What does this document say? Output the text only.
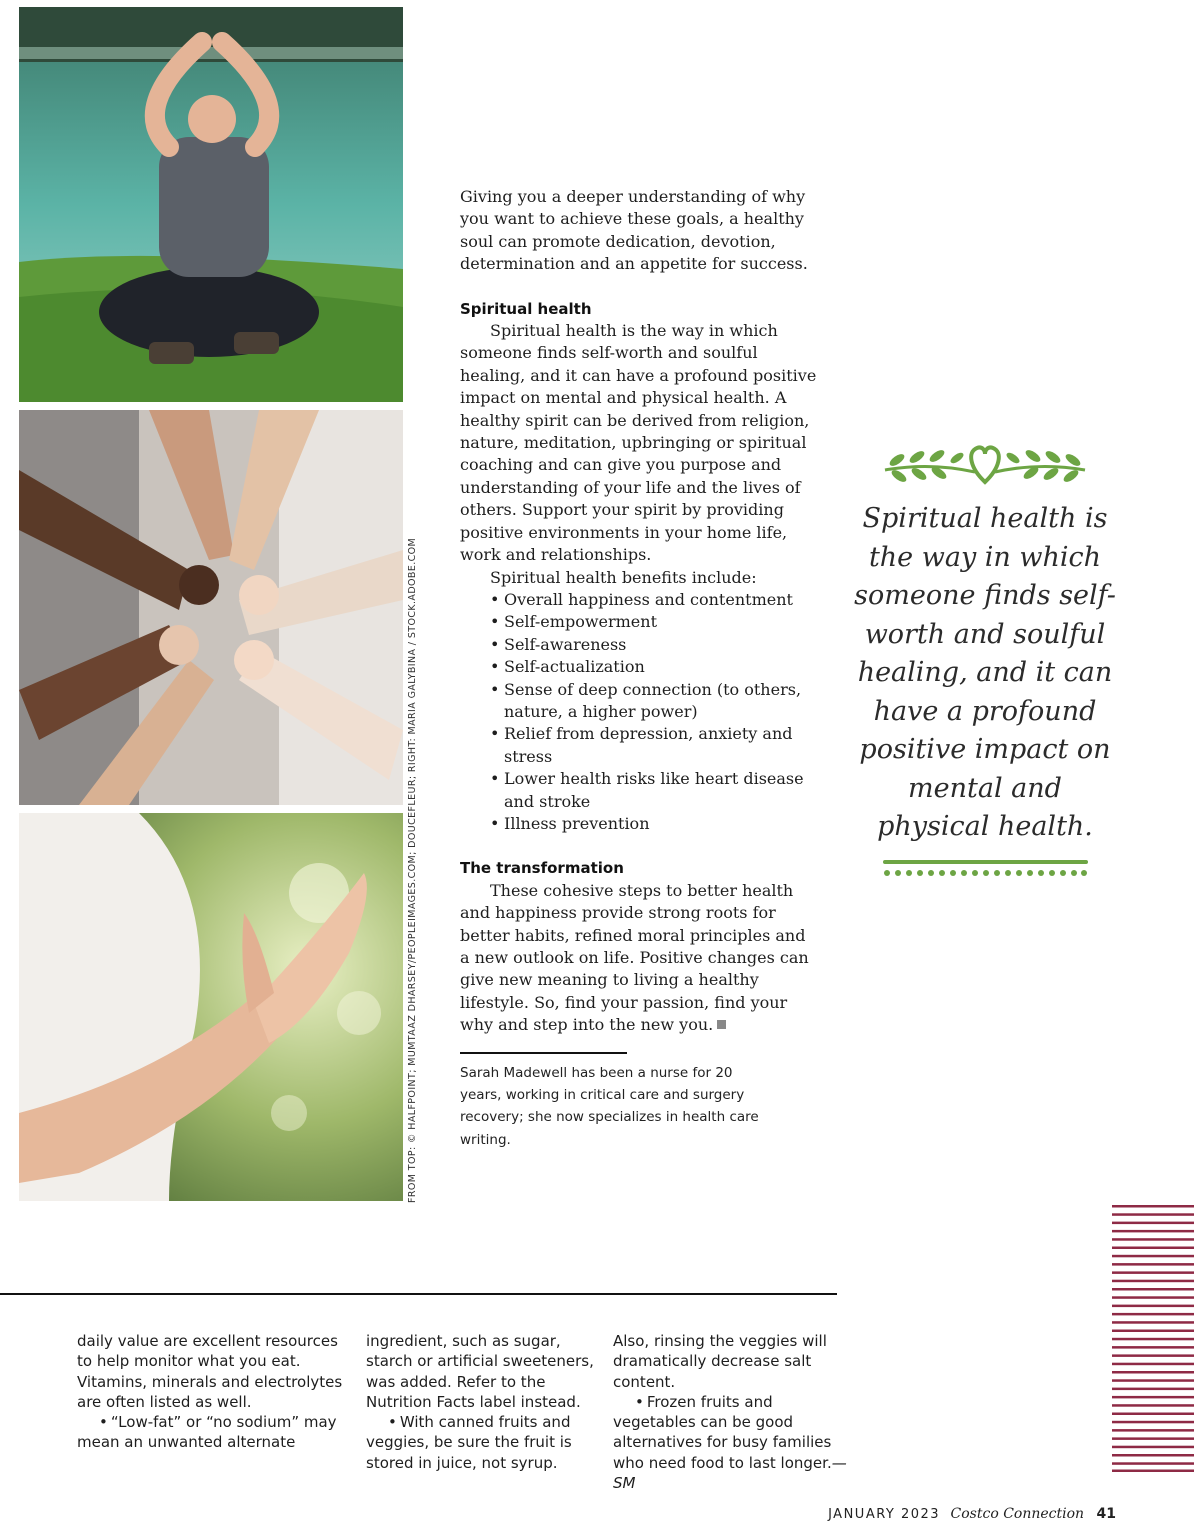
FROM TOP: © HALFPOINT; MUMTAAZ DHARSEY/PEOPLEIMAGES.COM; DOUCEFLEUR; RIGHT: MARIA GALYBINA / STOCK.ADOBE.COM

Giving you a deeper understanding of why you want to achieve these goals, a healthy soul can promote dedication, devotion, determination and an appetite for success.

Spiritual health

Spiritual health is the way in which someone finds self-worth and soulful healing, and it can have a profound positive impact on mental and physical health. A healthy spirit can be derived from religion, nature, meditation, upbringing or spiritual coaching and can give you purpose and understanding of your life and the lives of others. Support your spirit by providing positive environments in your home life, work and relationships.

Spiritual health benefits include:

• Overall happiness and contentment
• Self-empowerment
• Self-awareness
• Self-actualization
• Sense of deep connection (to others, nature, a higher power)
• Relief from depression, anxiety and stress
• Lower health risks like heart disease and stroke
• Illness prevention

The transformation

These cohesive steps to better health and happiness provide strong roots for better habits, refined moral principles and a new outlook on life. Positive changes can give new meaning to living a healthy lifestyle. So, find your passion, find your why and step into the new you.

Sarah Madewell has been a nurse for 20 years, working in critical care and surgery recovery; she now specializes in health care writing.

Spiritual health is the way in which someone finds self-worth and soulful healing, and it can have a profound positive impact on mental and physical health.

daily value are excellent resources to help monitor what you eat. Vitamins, minerals and electrolytes are often listed as well.

• “Low-fat” or “no sodium” may mean an unwanted alternate

ingredient, such as sugar, starch or artificial sweeteners, was added. Refer to the Nutrition Facts label instead.

• With canned fruits and veggies, be sure the fruit is stored in juice, not syrup.

Also, rinsing the veggies will dramatically decrease salt content.

• Frozen fruits and vegetables can be good alternatives for busy families who need food to last longer.—SM

JANUARY 2023 Costco Connection 41
